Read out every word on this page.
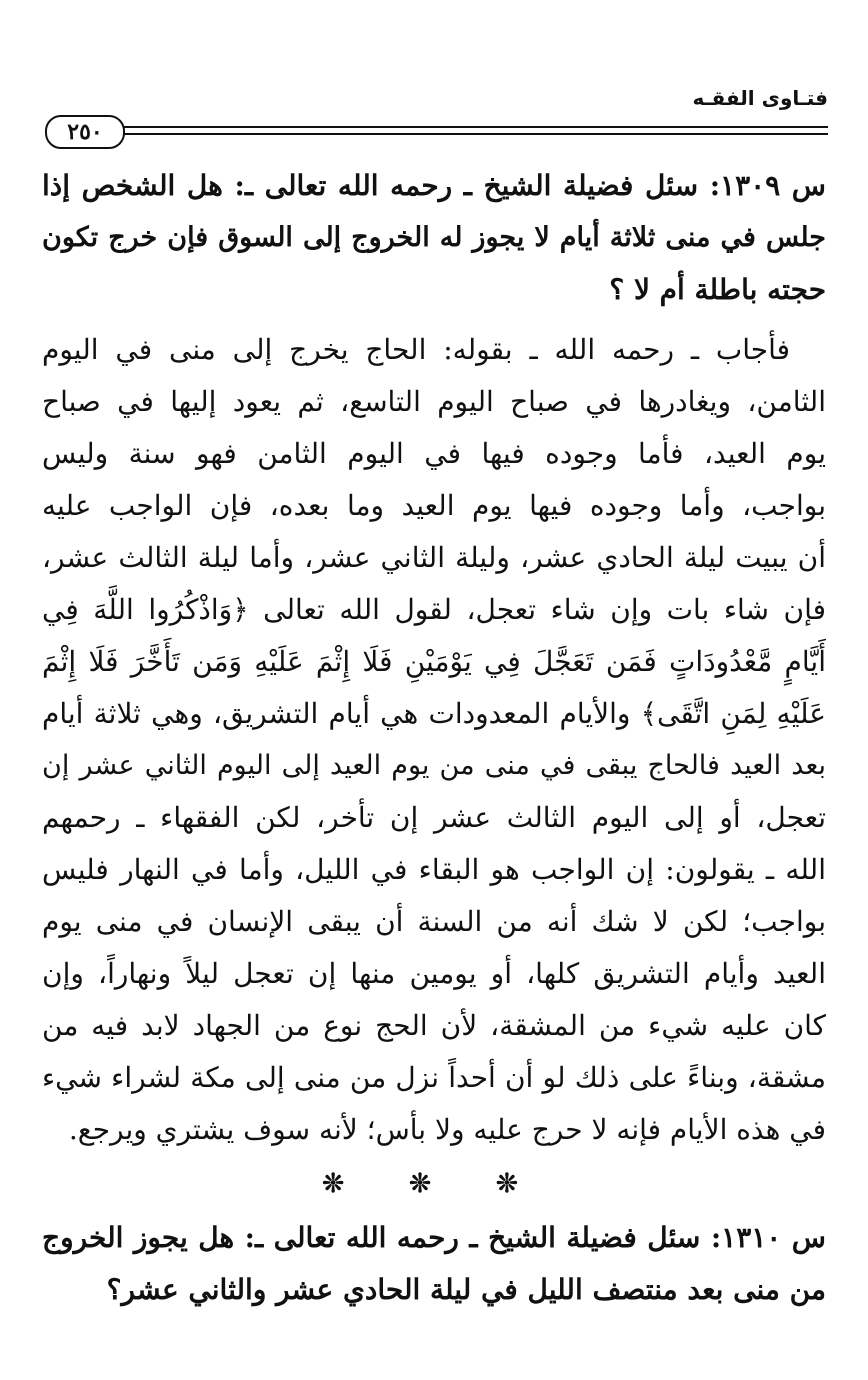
فتـاوى الفقـه
٢٥٠
س ١٣٠٩: سئل فضيلة الشيخ ـ رحمه الله تعالى ـ: هل الشخص إذا
جلس في منى ثلاثة أيام لا يجوز له الخروج إلى السوق فإن خرج تكون
حجته باطلة أم لا ؟
فأجاب ـ رحمه الله ـ بقوله: الحاج يخرج إلى منى في اليوم
الثامن، ويغادرها في صباح اليوم التاسع، ثم يعود إليها في صباح
يوم العيد، فأما وجوده فيها في اليوم الثامن فهو سنة وليس
بواجب، وأما وجوده فيها يوم العيد وما بعده، فإن الواجب عليه
أن يبيت ليلة الحادي عشر، وليلة الثاني عشر، وأما ليلة الثالث عشر،
فإن شاء بات وإن شاء تعجل، لقول الله تعالى ﴿وَاذْكُرُوا اللَّهَ فِي
أَيَّامٍ مَّعْدُودَاتٍ فَمَن تَعَجَّلَ فِي يَوْمَيْنِ فَلَا إِثْمَ عَلَيْهِ وَمَن تَأَخَّرَ فَلَا إِثْمَ
عَلَيْهِ لِمَنِ اتَّقَى﴾ والأيام المعدودات هي أيام التشريق، وهي ثلاثة أيام
بعد العيد فالحاج يبقى في منى من يوم العيد إلى اليوم الثاني عشر إن
تعجل، أو إلى اليوم الثالث عشر إن تأخر، لكن الفقهاء ـ رحمهم
الله ـ يقولون: إن الواجب هو البقاء في الليل، وأما في النهار فليس
بواجب؛ لكن لا شك أنه من السنة أن يبقى الإنسان في منى يوم
العيد وأيام التشريق كلها، أو يومين منها إن تعجل ليلاً ونهاراً، وإن
كان عليه شيء من المشقة، لأن الحج نوع من الجهاد لابد فيه من
مشقة، وبناءً على ذلك لو أن أحداً نزل من منى إلى مكة لشراء شيء
في هذه الأيام فإنه لا حرج عليه ولا بأس؛ لأنه سوف يشتري ويرجع.
❊ ❊ ❊
س ١٣١٠: سئل فضيلة الشيخ ـ رحمه الله تعالى ـ: هل يجوز الخروج
من منى بعد منتصف الليل في ليلة الحادي عشر والثاني عشر؟
